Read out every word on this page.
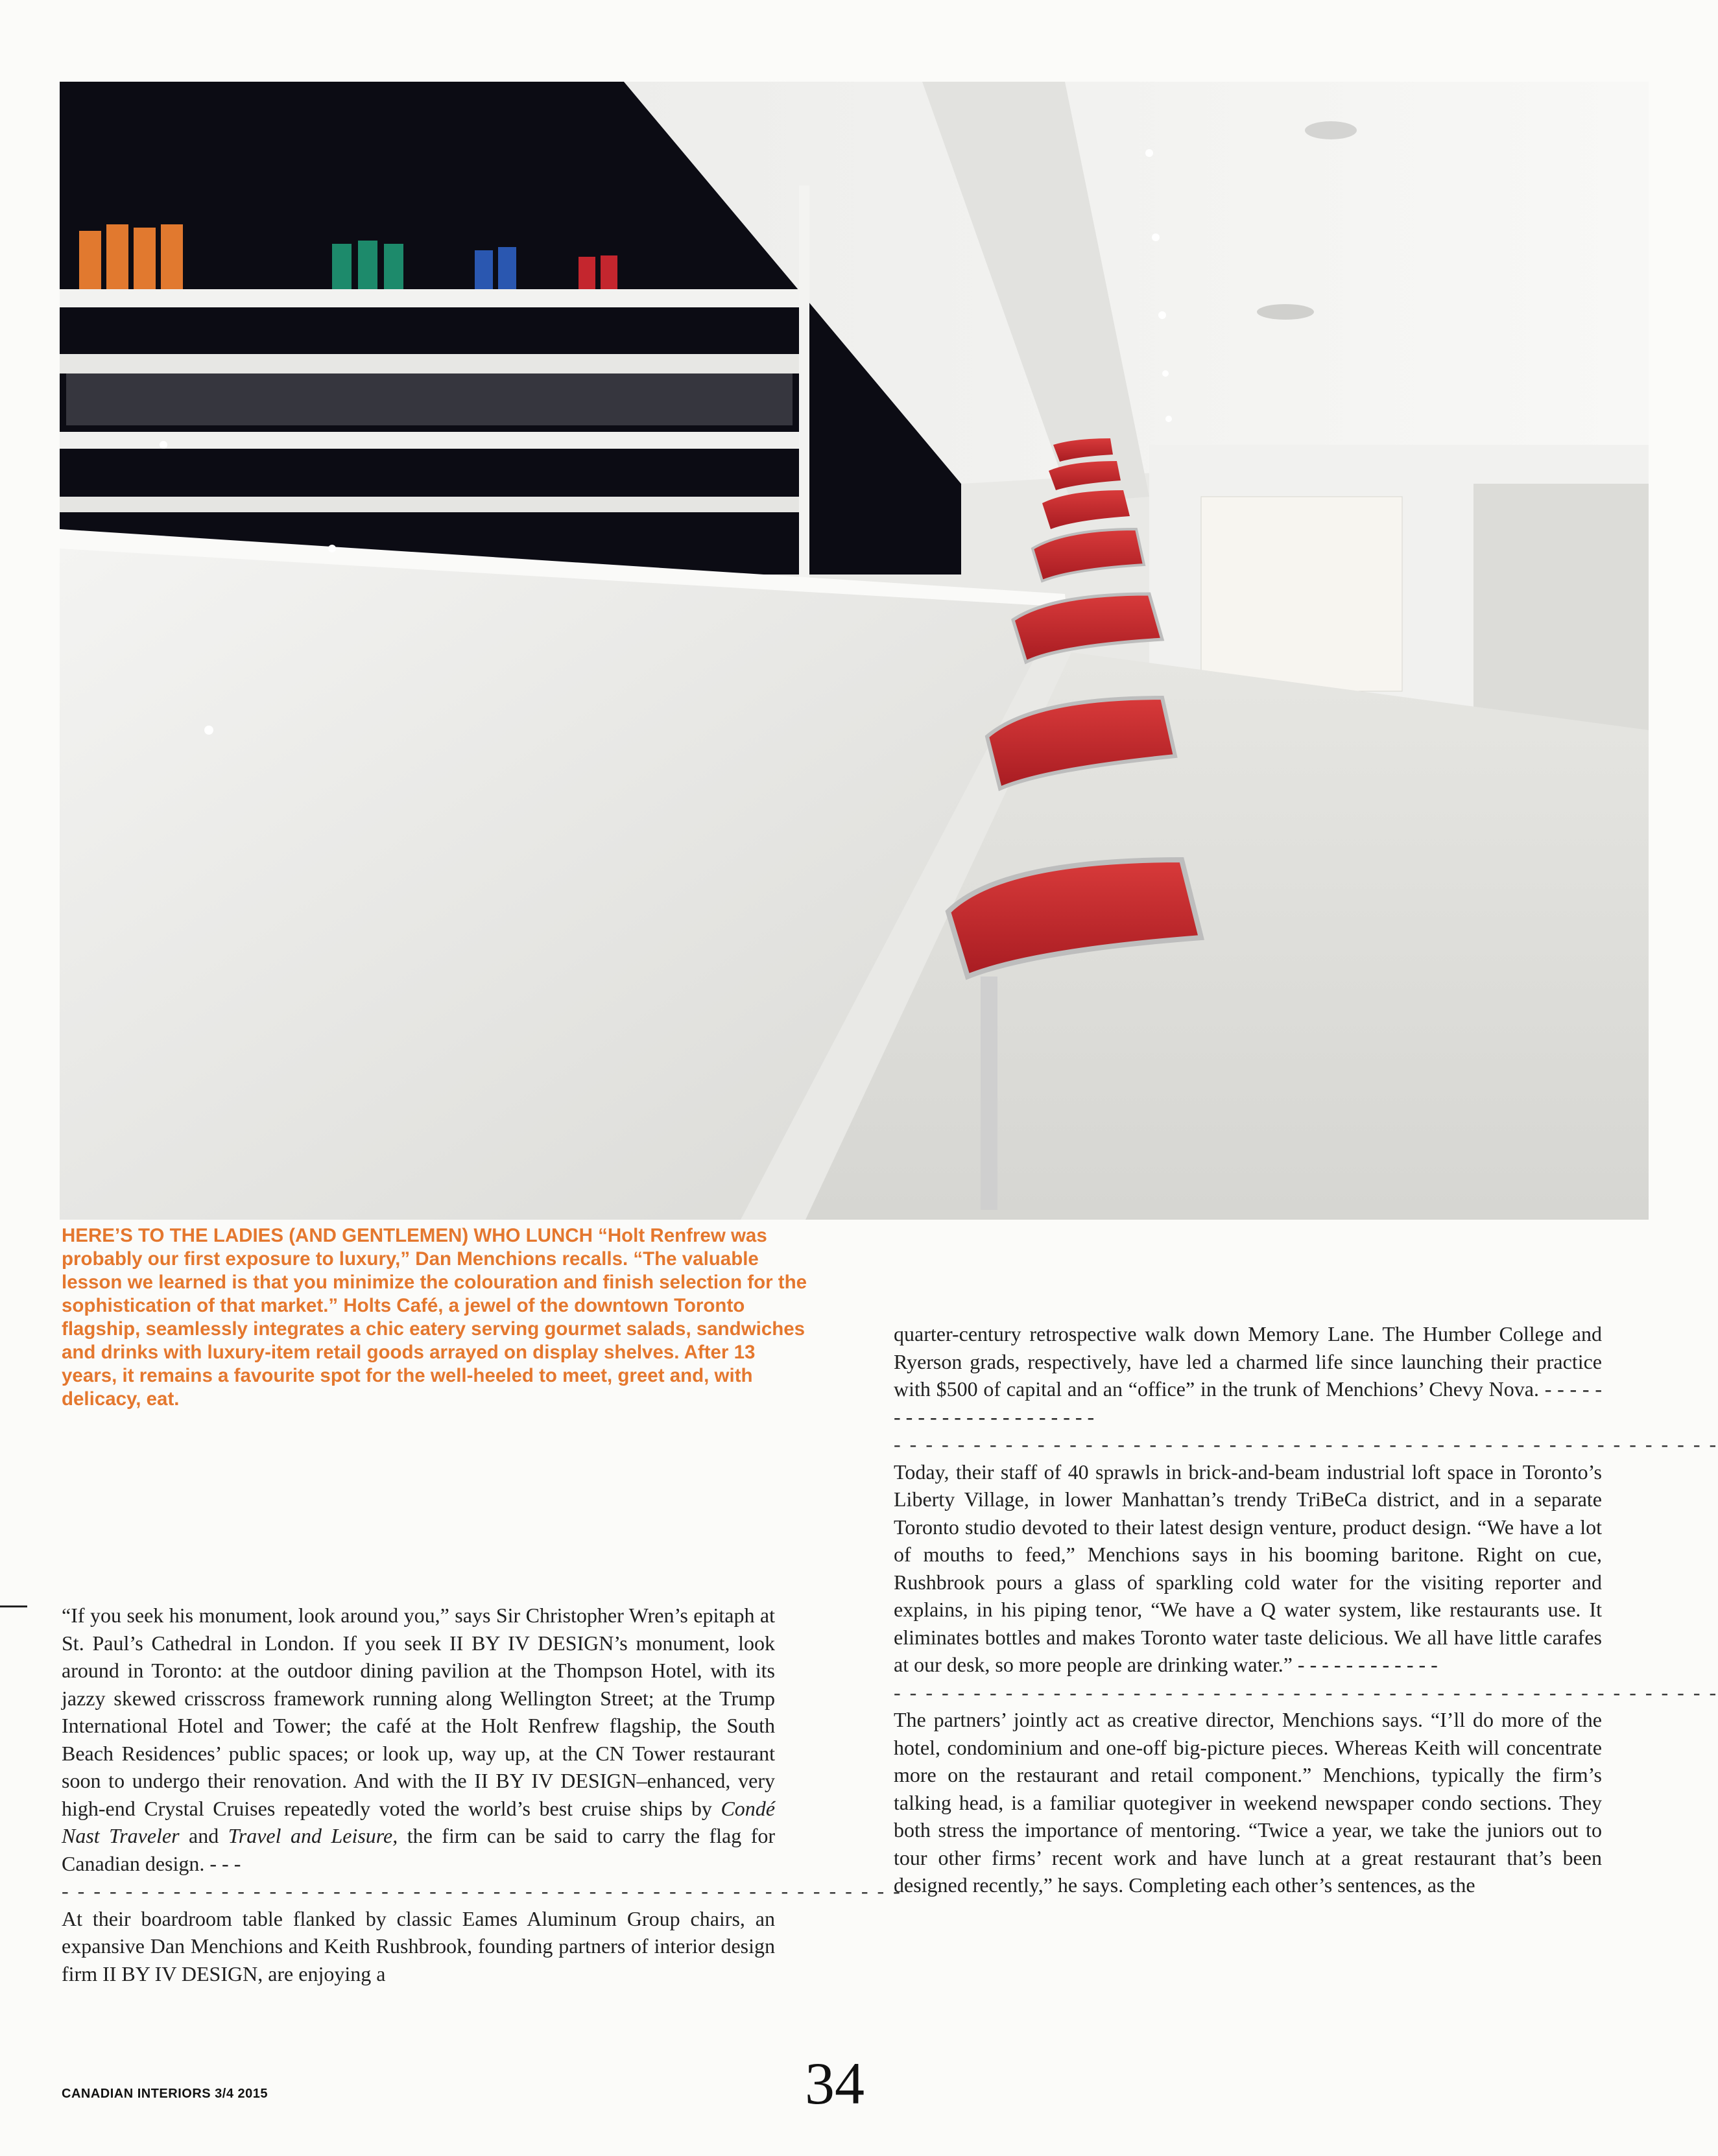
HERE’S TO THE LADIES (AND GENTLEMEN) WHO LUNCH “Holt Renfrew was probably our first exposure to luxury,” Dan Menchions recalls. “The valuable lesson we learned is that you minimize the colouration and finish selection for the sophistication of that market.” Holts Café, a jewel of the downtown Toronto flagship, seamlessly integrates a chic eatery serving gourmet salads, sandwiches and drinks with luxury-item retail goods arrayed on display shelves. After 13 years, it remains a favourite spot for the well-heeled to meet, greet and, with delicacy, eat.

“If you seek his monument, look around you,” says Sir Christopher Wren’s epitaph at St. Paul’s Cathedral in London. If you seek II BY IV DESIGN’s monument, look around in Toronto: at the outdoor dining pavilion at the Thompson Hotel, with its jazzy skewed crisscross framework running along Wellington Street; at the Trump International Hotel and Tower; the café at the Holt Renfrew flagship, the South Beach Residences’ public spaces; or look up, way up, at the CN Tower restaurant soon to undergo their renovation. And with the II BY IV DESIGN–enhanced, very high-end Crystal Cruises repeatedly voted the world’s best cruise ships by Condé Nast Traveler and Travel and Leisure, the firm can be said to carry the flag for Canadian design. - - -

- - - - - - - - - - - - - - - - - - - - - - - - - - - - - - - - - - - - - - - - - - - - - - - - - - - - -

At their boardroom table flanked by classic Eames Aluminum Group chairs, an expansive Dan Menchions and Keith Rushbrook, founding partners of interior design firm II BY IV DESIGN, are enjoying a

quarter-century retrospective walk down Memory Lane. The Humber College and Ryerson grads, respectively, have led a charmed life since launching their practice with $500 of capital and an “office” in the trunk of Menchions’ Chevy Nova. - - - - - - - - - - - - - - - - - - - - - -

- - - - - - - - - - - - - - - - - - - - - - - - - - - - - - - - - - - - - - - - - - - - - - - - - - - -

Today, their staff of 40 sprawls in brick-and-beam industrial loft space in Toronto’s Liberty Village, in lower Manhattan’s trendy TriBeCa district, and in a separate Toronto studio devoted to their latest design venture, product design. “We have a lot of mouths to feed,” Menchions says in his booming baritone. Right on cue, Rushbrook pours a glass of sparkling cold water for the visiting reporter and explains, in his piping tenor, “We have a Q water system, like restaurants use. It eliminates bottles and makes Toronto water taste delicious. We all have little carafes at our desk, so more people are drinking water.” - - - - - - - - - - - -

- - - - - - - - - - - - - - - - - - - - - - - - - - - - - - - - - - - - - - - - - - - - - - - - - - - -

The partners’ jointly act as creative director, Menchions says. “I’ll do more of the hotel, condominium and one-off big-picture pieces. Whereas Keith will concentrate more on the restaurant and retail component.” Menchions, typically the firm’s talking head, is a familiar quotegiver in weekend newspaper condo sections. They both stress the importance of mentoring. “Twice a year, we take the juniors out to tour other firms’ recent work and have lunch at a great restaurant that’s been designed recently,” he says. Completing each other’s sentences, as the

CANADIAN INTERIORS 3/4 2015	34
